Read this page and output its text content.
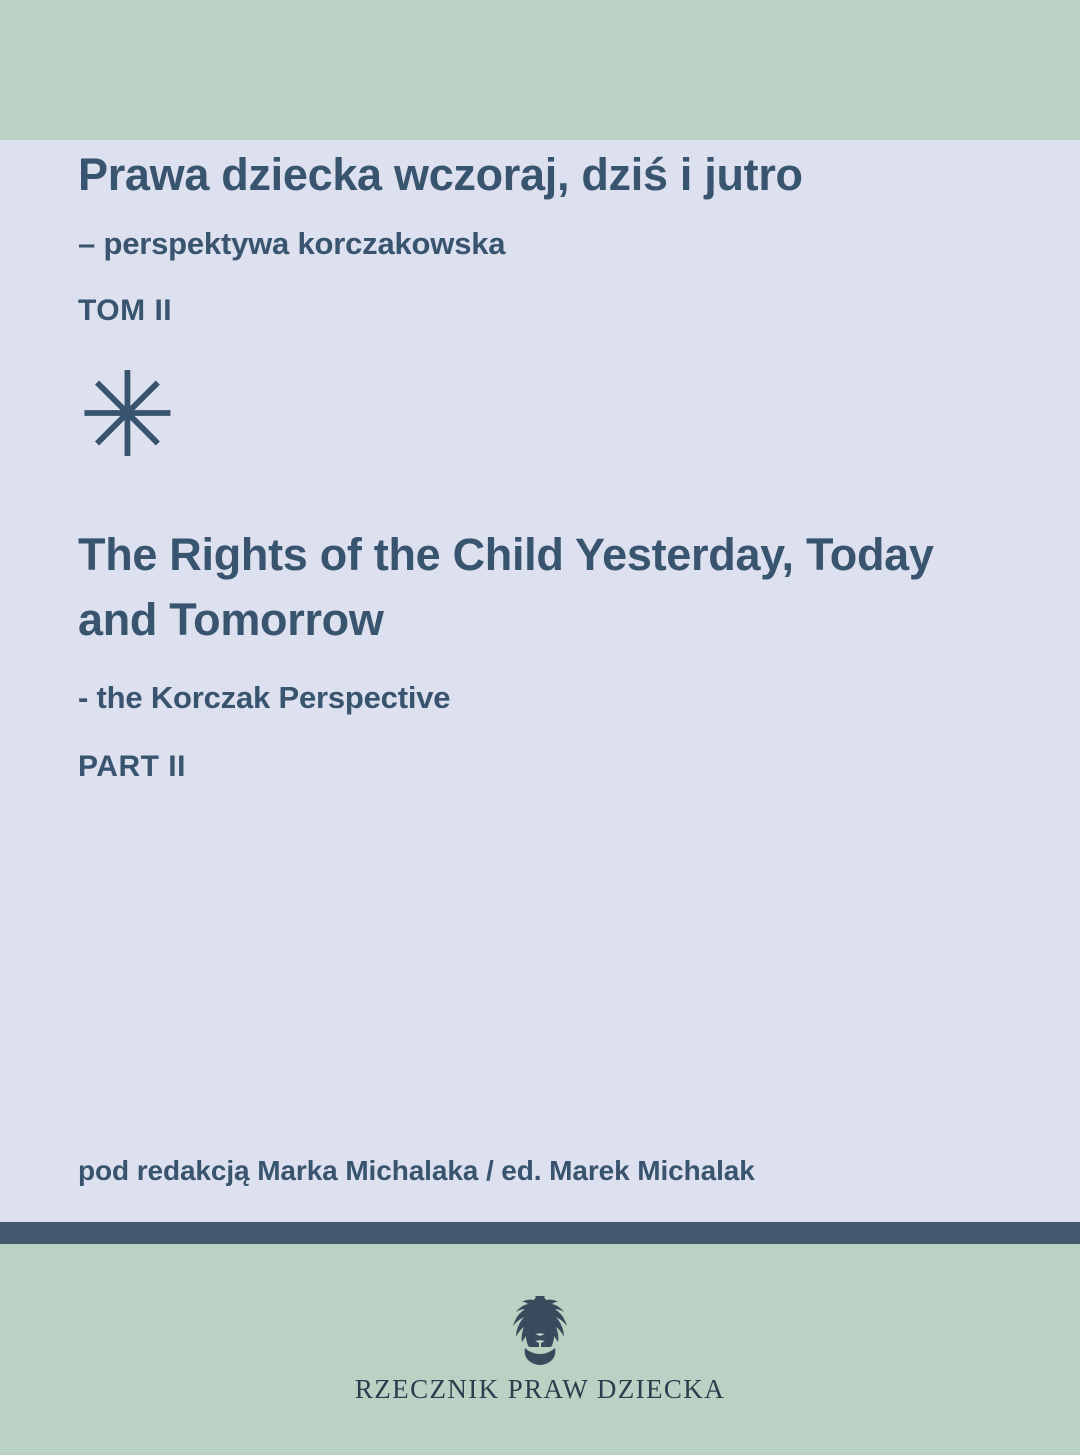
Prawa dziecka wczoraj, dziś i jutro
– perspektywa korczakowska
TOM II
✳
The Rights of the Child Yesterday, Today and Tomorrow
- the Korczak Perspective
PART II
pod redakcją Marka Michalaka / ed. Marek Michalak
RZECZNIK PRAW DZIECKA
